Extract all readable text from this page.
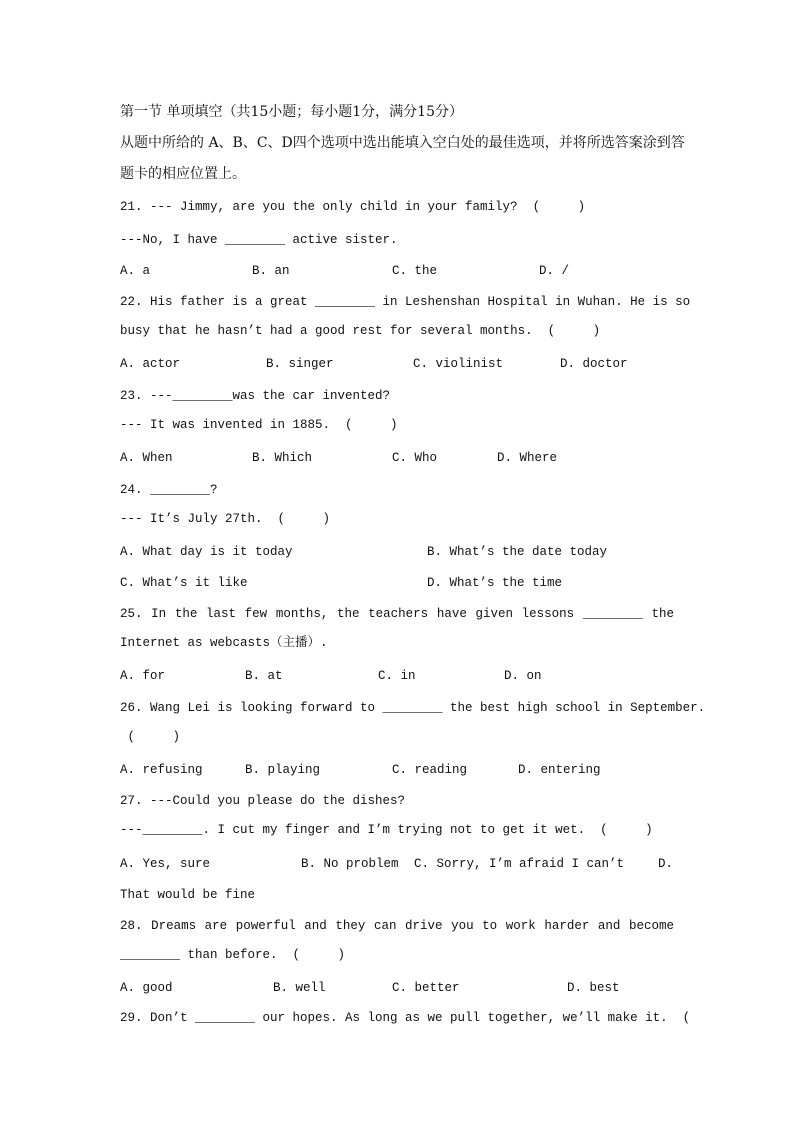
第一节 单项填空（共15小题；每小题1分，满分15分）
从题中所给的 A、B、C、D四个选项中选出能填入空白处的最佳选项，并将所选答案涂到答
题卡的相应位置上。
21. --- Jimmy, are you the only child in your family?  (     )
---No, I have ________ active sister.
A. a	B. an	C. the	D. /
22. His father is a great ________ in Leshenshan Hospital in Wuhan. He is so
busy that he hasn’t had a good rest for several months.  (     )
A. actor	B. singer	C. violinist	D. doctor
23. ---________was the car invented?
--- It was invented in 1885.  (     )
A. When	B. Which	C. Who	D. Where
24. ________?
--- It’s July 27th.  (     )
A. What day is it today	B. What’s the date today
C. What’s it like	D. What’s the time
25. In the last few months, the teachers have given lessons ________ the
Internet as webcasts（主播）.
A. for	B. at	C. in	D. on
26. Wang Lei is looking forward to ________ the best high school in September.
(     )
A. refusing	B. playing	C. reading	D. entering
27. ---Could you please do the dishes?
---________. I cut my finger and I’m trying not to get it wet.  (     )
A. Yes, sure	B. No problem C. Sorry, I’m afraid I can’t	D.
That would be fine
28. Dreams are powerful and they can drive you to work harder and become
________ than before.  (     )
A. good	B. well	C. better	D. best
29. Don’t ________ our hopes. As long as we pull together, we’ll make it.  (
